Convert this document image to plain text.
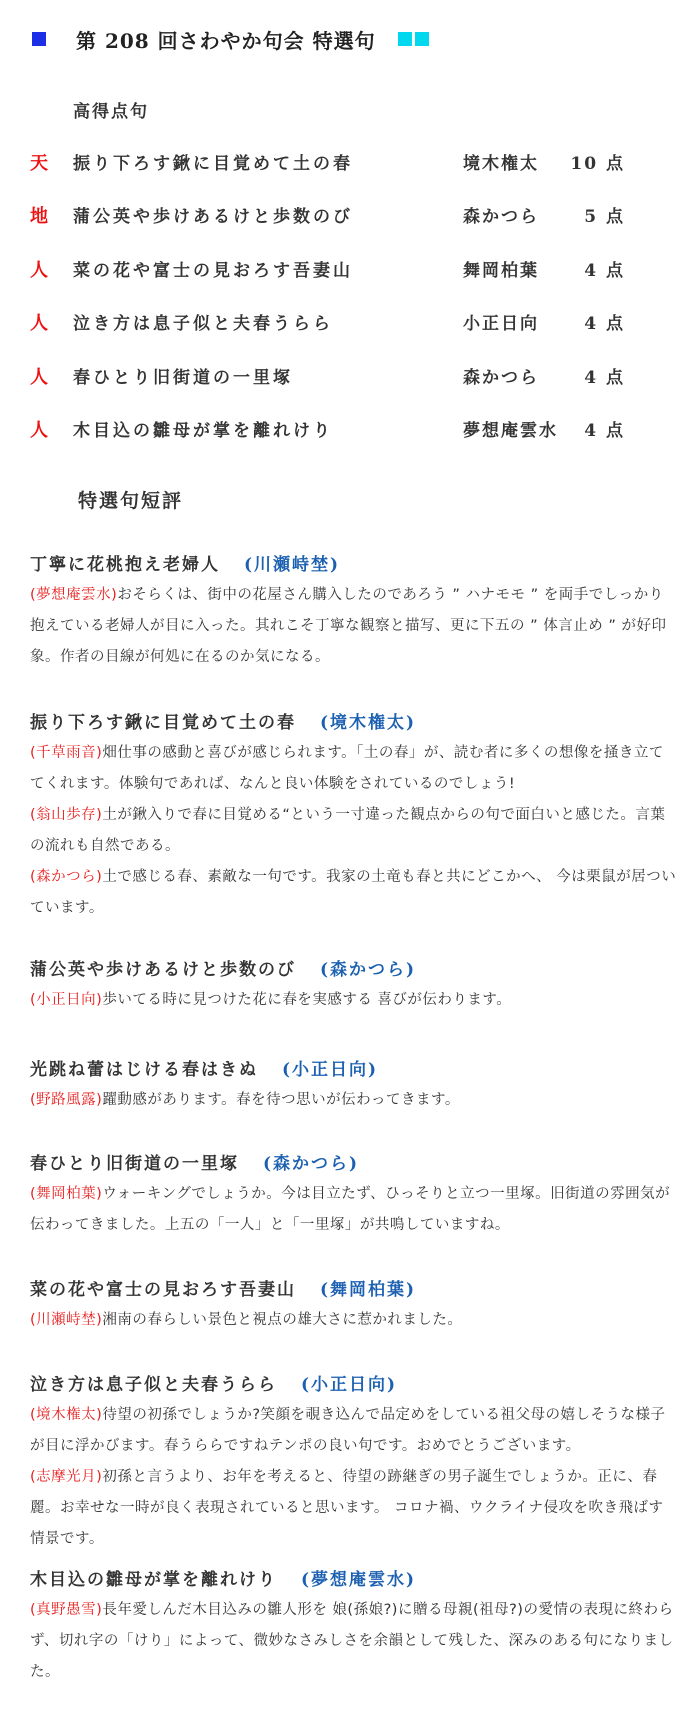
第 208 回さわやか句会 特選句
高得点句
天 振り下ろす鍬に目覚めて土の春	境木権太 10 点
地 蒲公英や歩けあるけと歩数のび	森かつら	5 点
人 菜の花や富士の見おろす吾妻山	舞岡柏葉	4 点
人 泣き方は息子似と夫春うらら	小正日向	4 点
人 春ひとり旧街道の一里塚	森かつら	4 点
人 木目込の雛母が掌を離れけり	夢想庵雲水 4 点
特選句短評
丁寧に花桃抱え老婦人 (川瀬峙埜)
(夢想庵雲水)おそらくは、街中の花屋さん購入したのであろう ” ハナモモ ” を両手でしっかり抱えている老婦人が目に入った。其れこそ丁寧な観察と描写、更に下五の ” 体言止め ” が好印象。作者の目線が何処に在るのか気になる。
振り下ろす鍬に目覚めて土の春 (境木権太)
(千草雨音)畑仕事の感動と喜びが感じられます。「土の春」が、読む者に多くの想像を掻き立ててくれます。体験句であれば、なんと良い体験をされているのでしょう!
(翁山歩存)土が鍬入りで春に目覚める“という一寸違った観点からの句で面白いと感じた。言葉の流れも自然である。
(森かつら)土で感じる春、素敵な一句です。我家の土竜も春と共にどこかへ、 今は栗鼠が居ついています。
蒲公英や歩けあるけと歩数のび (森かつら)
(小正日向)歩いてる時に見つけた花に春を実感する 喜びが伝わります。
光跳ね蕾はじける春はきぬ (小正日向)
(野路風露)躍動感があります。春を待つ思いが伝わってきます。
春ひとり旧街道の一里塚 (森かつら)
(舞岡柏葉)ウォーキングでしょうか。今は目立たず、ひっそりと立つ一里塚。旧街道の雰囲気が伝わってきました。上五の「一人」と「一里塚」が共鳴していますね。
菜の花や富士の見おろす吾妻山 (舞岡柏葉)
(川瀬峙埜)湘南の春らしい景色と視点の雄大さに惹かれました。
泣き方は息子似と夫春うらら (小正日向)
(境木権太)待望の初孫でしょうか?笑顔を覗き込んで品定めをしている祖父母の嬉しそうな様子が目に浮かびます。春うららですねテンポの良い句です。おめでとうございます。
(志摩光月)初孫と言うより、お年を考えると、待望の跡継ぎの男子誕生でしょうか。正に、春麗。お幸せな一時が良く表現されていると思います。 コロナ禍、ウクライナ侵攻を吹き飛ばす情景です。
木目込の雛母が掌を離れけり (夢想庵雲水)
(真野愚雪)長年愛しんだ木目込みの雛人形を 娘(孫娘?)に贈る母親(祖母?)の愛情の表現に終わらず、切れ字の「けり」によって、微妙なさみしさを余韻として残した、深みのある句になりました。
